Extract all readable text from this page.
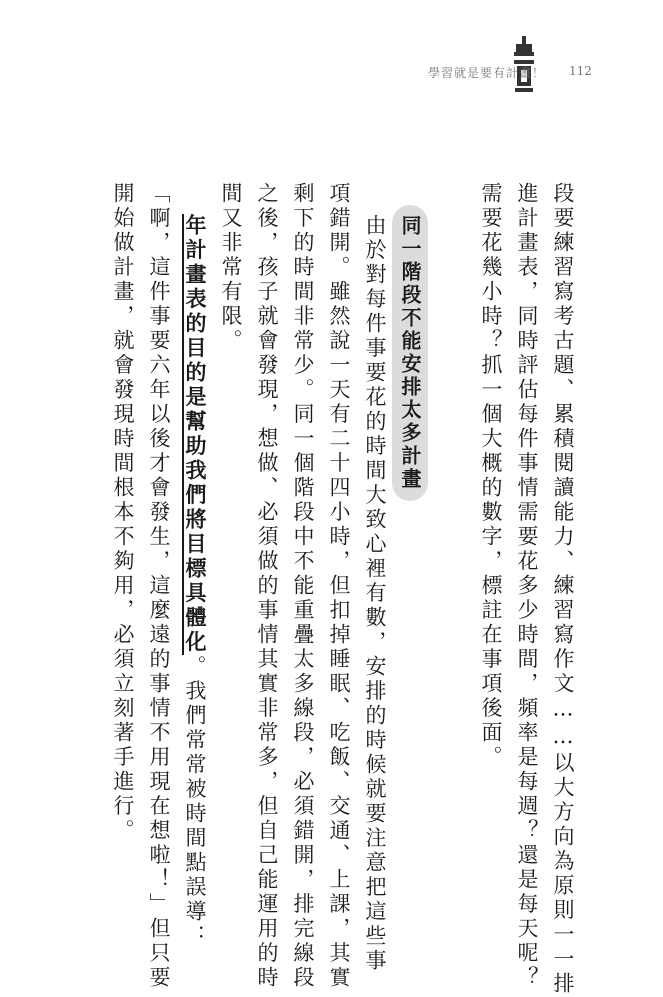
學習就是要有計畫！ 112
段要練習寫考古題、累積閱讀能力、練習寫作文……以大方向為原則一一排
進計畫表，同時評估每件事情需要花多少時間，頻率是每週？還是每天呢？
需要花幾小時？抓一個大概的數字，標註在事項後面。
同一階段不能安排太多計畫
由於對每件事要花的時間大致心裡有數，安排的時候就要注意把這些事
項錯開。雖然說一天有二十四小時，但扣掉睡眠、吃飯、交通、上課，其實
剩下的時間非常少。同一個階段中不能重疊太多線段，必須錯開，排完線段
之後，孩子就會發現，想做、必須做的事情其實非常多，但自己能運用的時
間又非常有限。
年計畫表的目的是幫助我們將目標具體化。我們常常被時間點誤導：
「啊，這件事要六年以後才會發生，這麼遠的事情不用現在想啦！」但只要
開始做計畫，就會發現時間根本不夠用，必須立刻著手進行。
